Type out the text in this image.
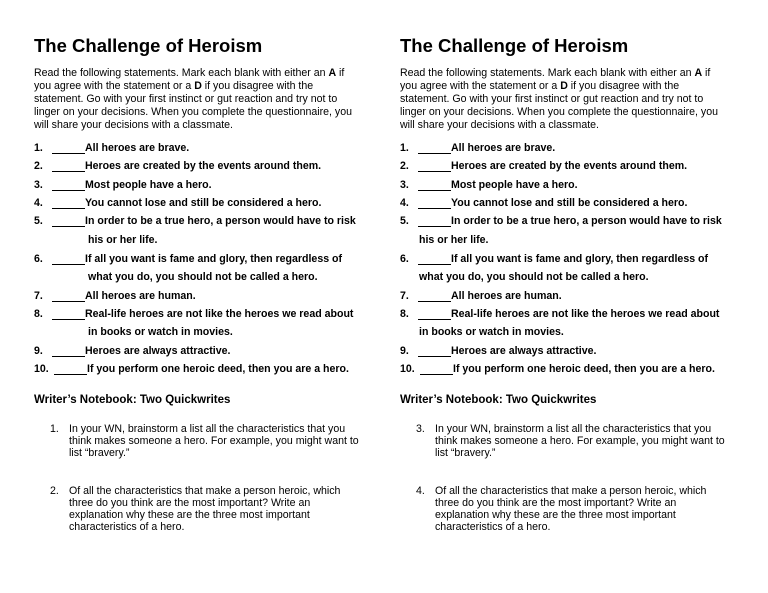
The Challenge of Heroism

Read the following statements. Mark each blank with either an A if you agree with the statement or a D if you disagree with the statement. Go with your first instinct or gut reaction and try not to linger on your decisions. When you complete the questionnaire, you will share your decisions with a classmate.

1.	All heroes are brave.
2.	Heroes are created by the events around them.
3.	Most people have a hero.
4.	You cannot lose and still be considered a hero.
5.	In order to be a true hero, a person would have to risk
his or her life.
6.	If all you want is fame and glory, then regardless of
what you do, you should not be called a hero.
7.	All heroes are human.
8.	Real-life heroes are not like the heroes we read about
in books or watch in movies.
9.	Heroes are always attractive.
10.	If you perform one heroic deed, then you are a hero.
Writer’s Notebook: Two Quickwrites
1. In your WN, brainstorm a list all the characteristics that you think makes someone a hero. For example, you might want to list “bravery.”
2. Of all the characteristics that make a person heroic, which three do you think are the most important? Write an explanation why these are the three most important characteristics of a hero.
The Challenge of Heroism

Read the following statements. Mark each blank with either an A if you agree with the statement or a D if you disagree with the statement. Go with your first instinct or gut reaction and try not to linger on your decisions. When you complete the questionnaire, you will share your decisions with a classmate.

1.	All heroes are brave.
2.	Heroes are created by the events around them.
3.	Most people have a hero.
4.	You cannot lose and still be considered a hero.
5.	In order to be a true hero, a person would have to risk
his or her life.
6.	If all you want is fame and glory, then regardless of
what you do, you should not be called a hero.
7.	All heroes are human.
8.	Real-life heroes are not like the heroes we read about
in books or watch in movies.
9.	Heroes are always attractive.
10.	If you perform one heroic deed, then you are a hero.
Writer’s Notebook: Two Quickwrites
3. In your WN, brainstorm a list all the characteristics that you think makes someone a hero. For example, you might want to list “bravery.”
4. Of all the characteristics that make a person heroic, which three do you think are the most important? Write an explanation why these are the three most important characteristics of a hero.
